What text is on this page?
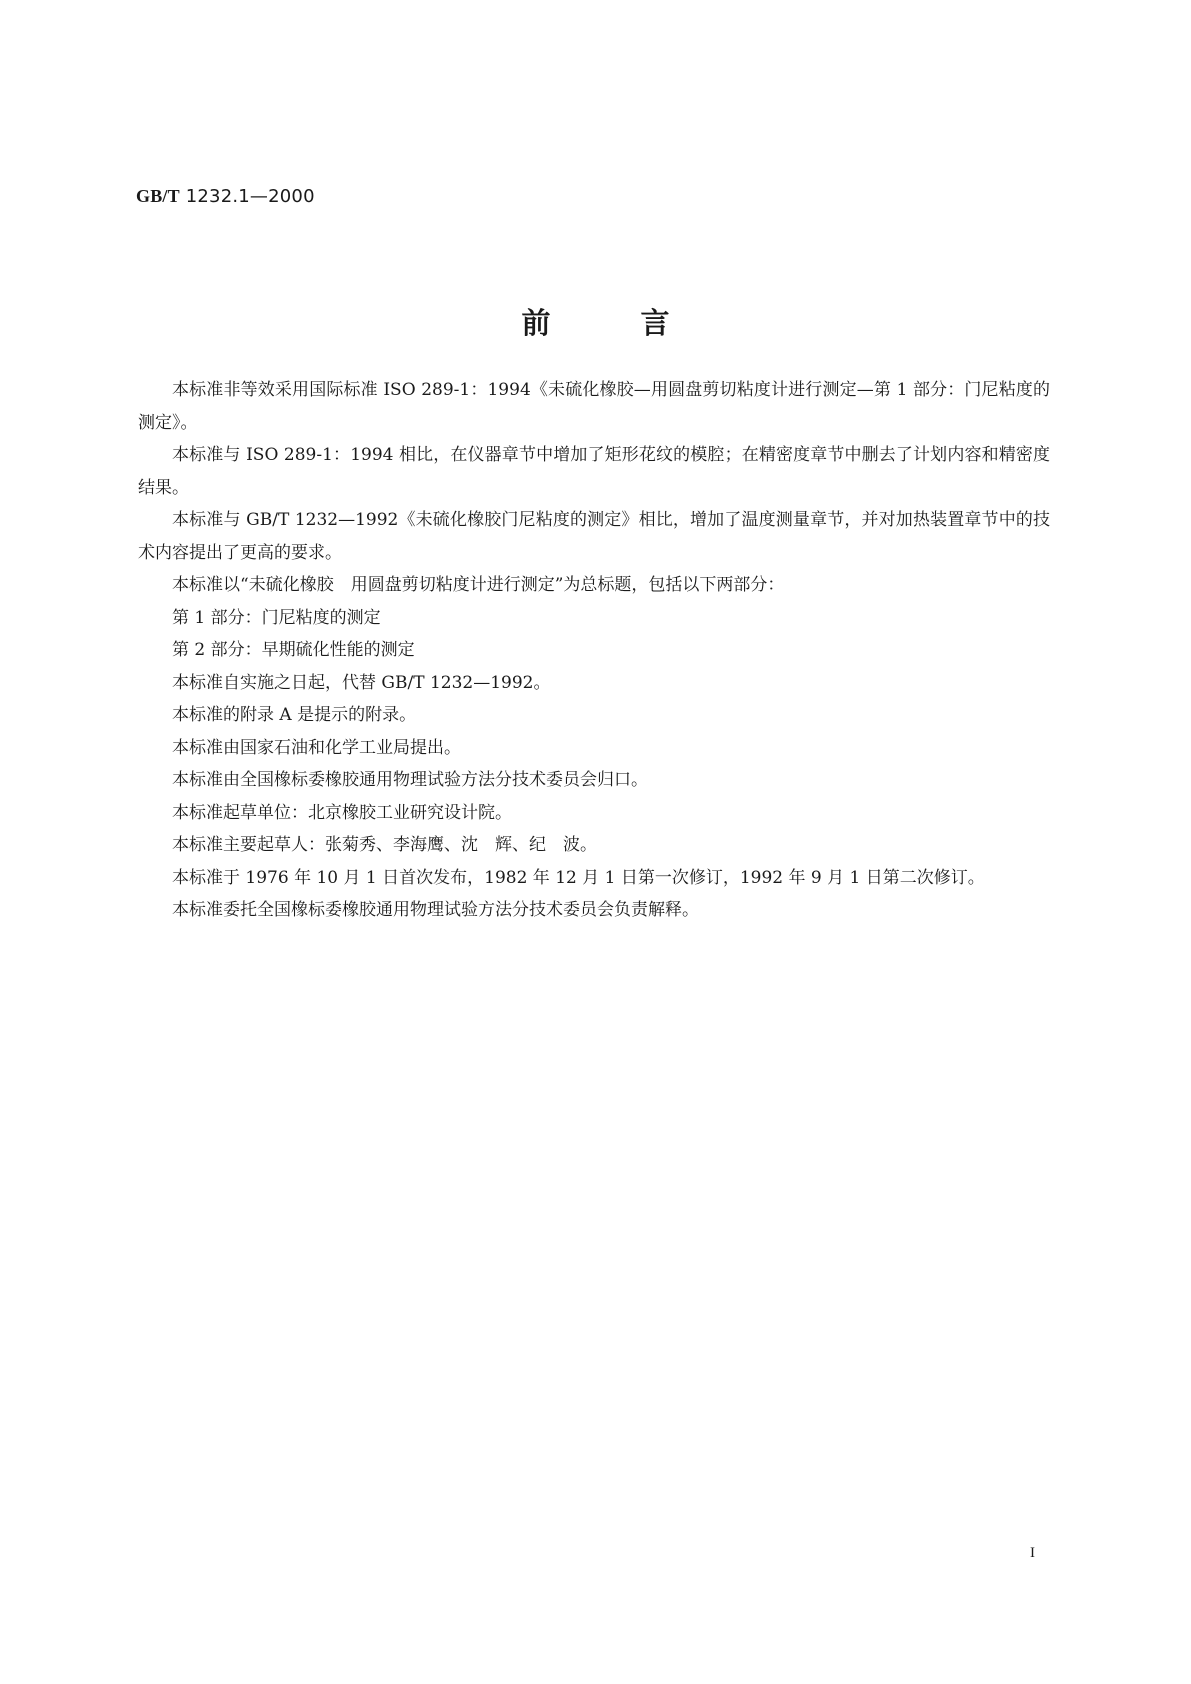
GB/T 1232.1—2000
前	言

本标准非等效采用国际标准 ISO 289-1：1994《未硫化橡胶—用圆盘剪切粘度计进行测定—第 1 部分：门尼粘度的测定》。

本标准与 ISO 289-1：1994 相比，在仪器章节中增加了矩形花纹的模腔；在精密度章节中删去了计划内容和精密度结果。

本标准与 GB/T 1232—1992《未硫化橡胶门尼粘度的测定》相比，增加了温度测量章节，并对加热装置章节中的技术内容提出了更高的要求。

本标准以“未硫化橡胶　用圆盘剪切粘度计进行测定”为总标题，包括以下两部分：

第 1 部分：门尼粘度的测定

第 2 部分：早期硫化性能的测定

本标准自实施之日起，代替 GB/T 1232—1992。

本标准的附录 A 是提示的附录。

本标准由国家石油和化学工业局提出。

本标准由全国橡标委橡胶通用物理试验方法分技术委员会归口。

本标准起草单位：北京橡胶工业研究设计院。

本标准主要起草人：张菊秀、李海鹰、沈　辉、纪　波。

本标准于 1976 年 10 月 1 日首次发布，1982 年 12 月 1 日第一次修订，1992 年 9 月 1 日第二次修订。

本标准委托全国橡标委橡胶通用物理试验方法分技术委员会负责解释。

I
